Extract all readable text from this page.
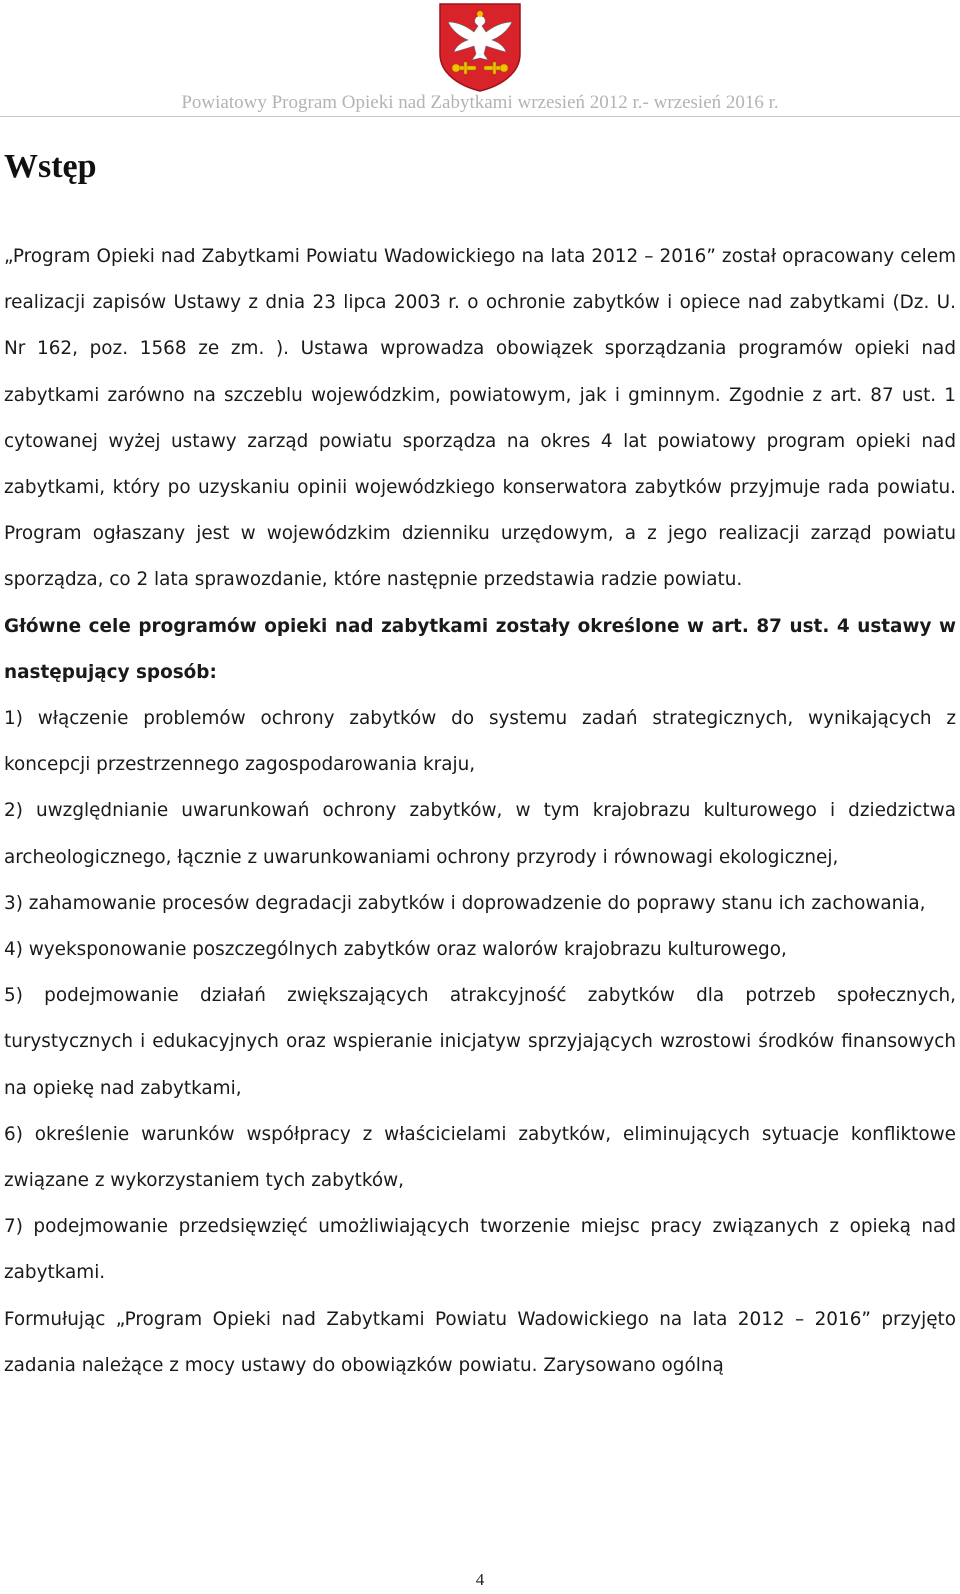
Powiatowy Program Opieki nad Zabytkami wrzesień 2012 r.- wrzesień 2016 r.
Wstęp

„Program Opieki nad Zabytkami Powiatu Wadowickiego na lata 2012 – 2016” został opracowany celem realizacji zapisów Ustawy z dnia 23 lipca 2003 r. o ochronie zabytków i opiece nad zabytkami (Dz. U. Nr 162, poz. 1568 ze zm. ). Ustawa wprowadza obowiązek sporządzania programów opieki nad zabytkami zarówno na szczeblu wojewódzkim, powiatowym, jak i gminnym. Zgodnie z art. 87 ust. 1 cytowanej wyżej ustawy zarząd powiatu sporządza na okres 4 lat powiatowy program opieki nad zabytkami, który po uzyskaniu opinii wojewódzkiego konserwatora zabytków przyjmuje rada powiatu. Program ogłaszany jest w wojewódzkim dzienniku urzędowym, a z jego realizacji zarząd powiatu sporządza, co 2 lata sprawozdanie, które następnie przedstawia radzie powiatu.

Główne cele programów opieki nad zabytkami zostały określone w art. 87 ust. 4 ustawy w następujący sposób:

1) włączenie problemów ochrony zabytków do systemu zadań strategicznych, wynikających z koncepcji przestrzennego zagospodarowania kraju,

2) uwzględnianie uwarunkowań ochrony zabytków, w tym krajobrazu kulturowego i dziedzictwa archeologicznego, łącznie z uwarunkowaniami ochrony przyrody i równowagi ekologicznej,

3) zahamowanie procesów degradacji zabytków i doprowadzenie do poprawy stanu ich zachowania,

4) wyeksponowanie poszczególnych zabytków oraz walorów krajobrazu kulturowego,

5) podejmowanie działań zwiększających atrakcyjność zabytków dla potrzeb społecznych, turystycznych i edukacyjnych oraz wspieranie inicjatyw sprzyjających wzrostowi środków finansowych na opiekę nad zabytkami,

6) określenie warunków współpracy z właścicielami zabytków, eliminujących sytuacje konfliktowe związane z wykorzystaniem tych zabytków,

7) podejmowanie przedsięwzięć umożliwiających tworzenie miejsc pracy związanych z opieką nad zabytkami.

Formułując „Program Opieki nad Zabytkami Powiatu Wadowickiego na lata 2012 – 2016” przyjęto zadania należące z mocy ustawy do obowiązków powiatu. Zarysowano ogólną

4
